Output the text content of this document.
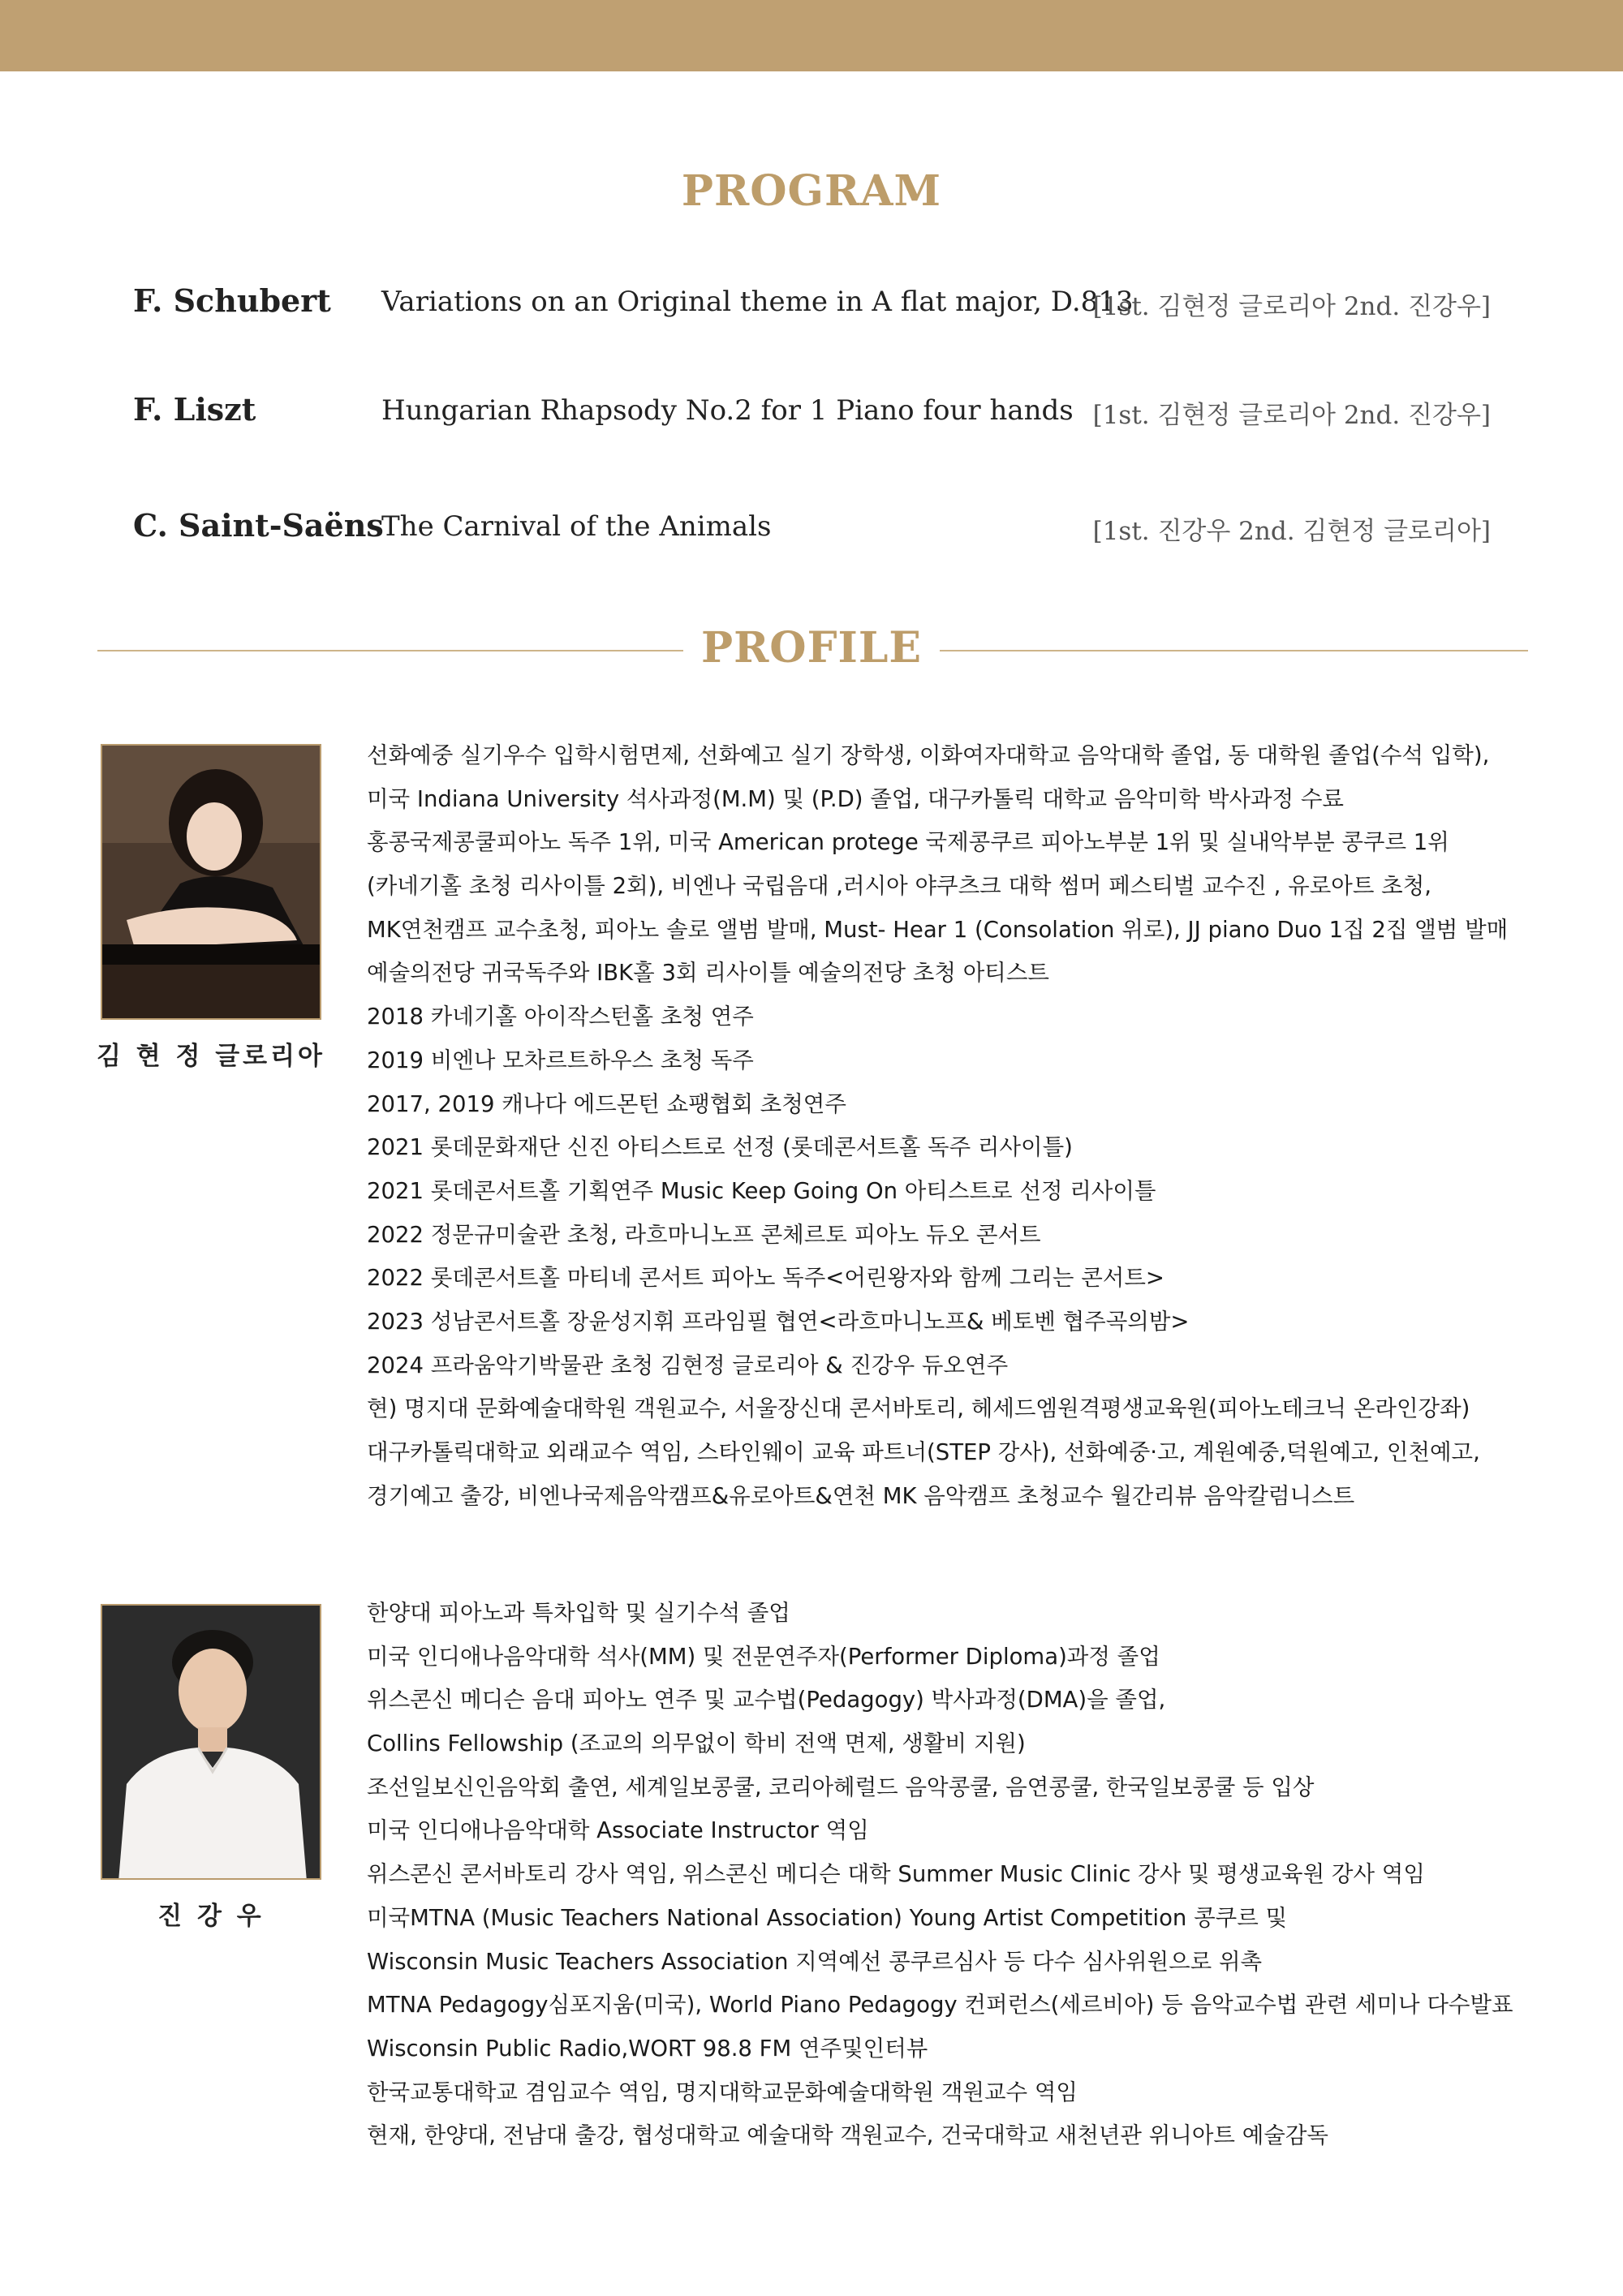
PROGRAM
F. Schubert Variations on an Original theme in A flat major, D.813
[1st. 김현정 글로리아 2nd. 진강우]
F. Liszt	Hungarian Rhapsody No.2 for 1 Piano four hands [1st. 김현정 글로리아 2nd. 진강우]
C. Saint-Saëns
The Carnival of the Animals	[1st. 진강우 2nd. 김현정 글로리아]
PROFILE
김 현 정 글로리아
선화예중 실기우수 입학시험면제, 선화예고 실기 장학생, 이화여자대학교 음악대학 졸업, 동 대학원 졸업(수석 입학),
미국 Indiana University 석사과정(M.M) 및 (P.D) 졸업, 대구카톨릭 대학교 음악미학 박사과정 수료
홍콩국제콩쿨피아노 독주 1위, 미국 American protege 국제콩쿠르 피아노부분 1위 및 실내악부분 콩쿠르 1위
(카네기홀 초청 리사이틀 2회), 비엔나 국립음대 ,러시아 야쿠츠크 대학 썸머 페스티벌 교수진 , 유로아트 초청,
MK연천캠프 교수초청, 피아노 솔로 앨범 발매, Must- Hear 1 (Consolation 위로), JJ piano Duo 1집 2집 앨범 발매
예술의전당 귀국독주와 IBK홀 3회 리사이틀 예술의전당 초청 아티스트
2018 카네기홀 아이작스턴홀 초청 연주
2019 비엔나 모차르트하우스 초청 독주
2017, 2019 캐나다 에드몬턴 쇼팽협회 초청연주
2021 롯데문화재단 신진 아티스트로 선정 (롯데콘서트홀 독주 리사이틀)
2021 롯데콘서트홀 기획연주 Music Keep Going On 아티스트로 선정 리사이틀
2022 정문규미술관 초청, 라흐마니노프 콘체르토 피아노 듀오 콘서트
2022 롯데콘서트홀 마티네 콘서트 피아노 독주<어린왕자와 함께 그리는 콘서트>
2023 성남콘서트홀 장윤성지휘 프라임필 협연<라흐마니노프& 베토벤 협주곡의밤>
2024 프라움악기박물관 초청 김현정 글로리아 & 진강우 듀오연주
현) 명지대 문화예술대학원 객원교수, 서울장신대 콘서바토리, 헤세드엠원격평생교육원(피아노테크닉 온라인강좌)
대구카톨릭대학교 외래교수 역임, 스타인웨이 교육 파트너(STEP 강사), 선화예중·고, 계원예중,덕원예고, 인천예고,
경기예고 출강, 비엔나국제음악캠프&유로아트&연천 MK 음악캠프 초청교수 월간리뷰 음악칼럼니스트
진 강 우
한양대 피아노과 특차입학 및 실기수석 졸업
미국 인디애나음악대학 석사(MM) 및 전문연주자(Performer Diploma)과정 졸업
위스콘신 메디슨 음대 피아노 연주 및 교수법(Pedagogy) 박사과정(DMA)을 졸업,
Collins Fellowship (조교의 의무없이 학비 전액 면제, 생활비 지원)
조선일보신인음악회 출연, 세계일보콩쿨, 코리아헤럴드 음악콩쿨, 음연콩쿨, 한국일보콩쿨 등 입상
미국 인디애나음악대학 Associate Instructor 역임
위스콘신 콘서바토리 강사 역임, 위스콘신 메디슨 대학 Summer Music Clinic 강사 및 평생교육원 강사 역임
미국MTNA (Music Teachers National Association) Young Artist Competition 콩쿠르 및
Wisconsin Music Teachers Association 지역예선 콩쿠르심사 등 다수 심사위원으로 위촉
MTNA Pedagogy심포지움(미국), World Piano Pedagogy 컨퍼런스(세르비아) 등 음악교수법 관련 세미나 다수발표
Wisconsin Public Radio,WORT 98.8 FM 연주및인터뷰
한국교통대학교 겸임교수 역임, 명지대학교문화예술대학원 객원교수 역임
현재, 한양대, 전남대 출강, 협성대학교 예술대학 객원교수, 건국대학교 새천년관 위니아트 예술감독
